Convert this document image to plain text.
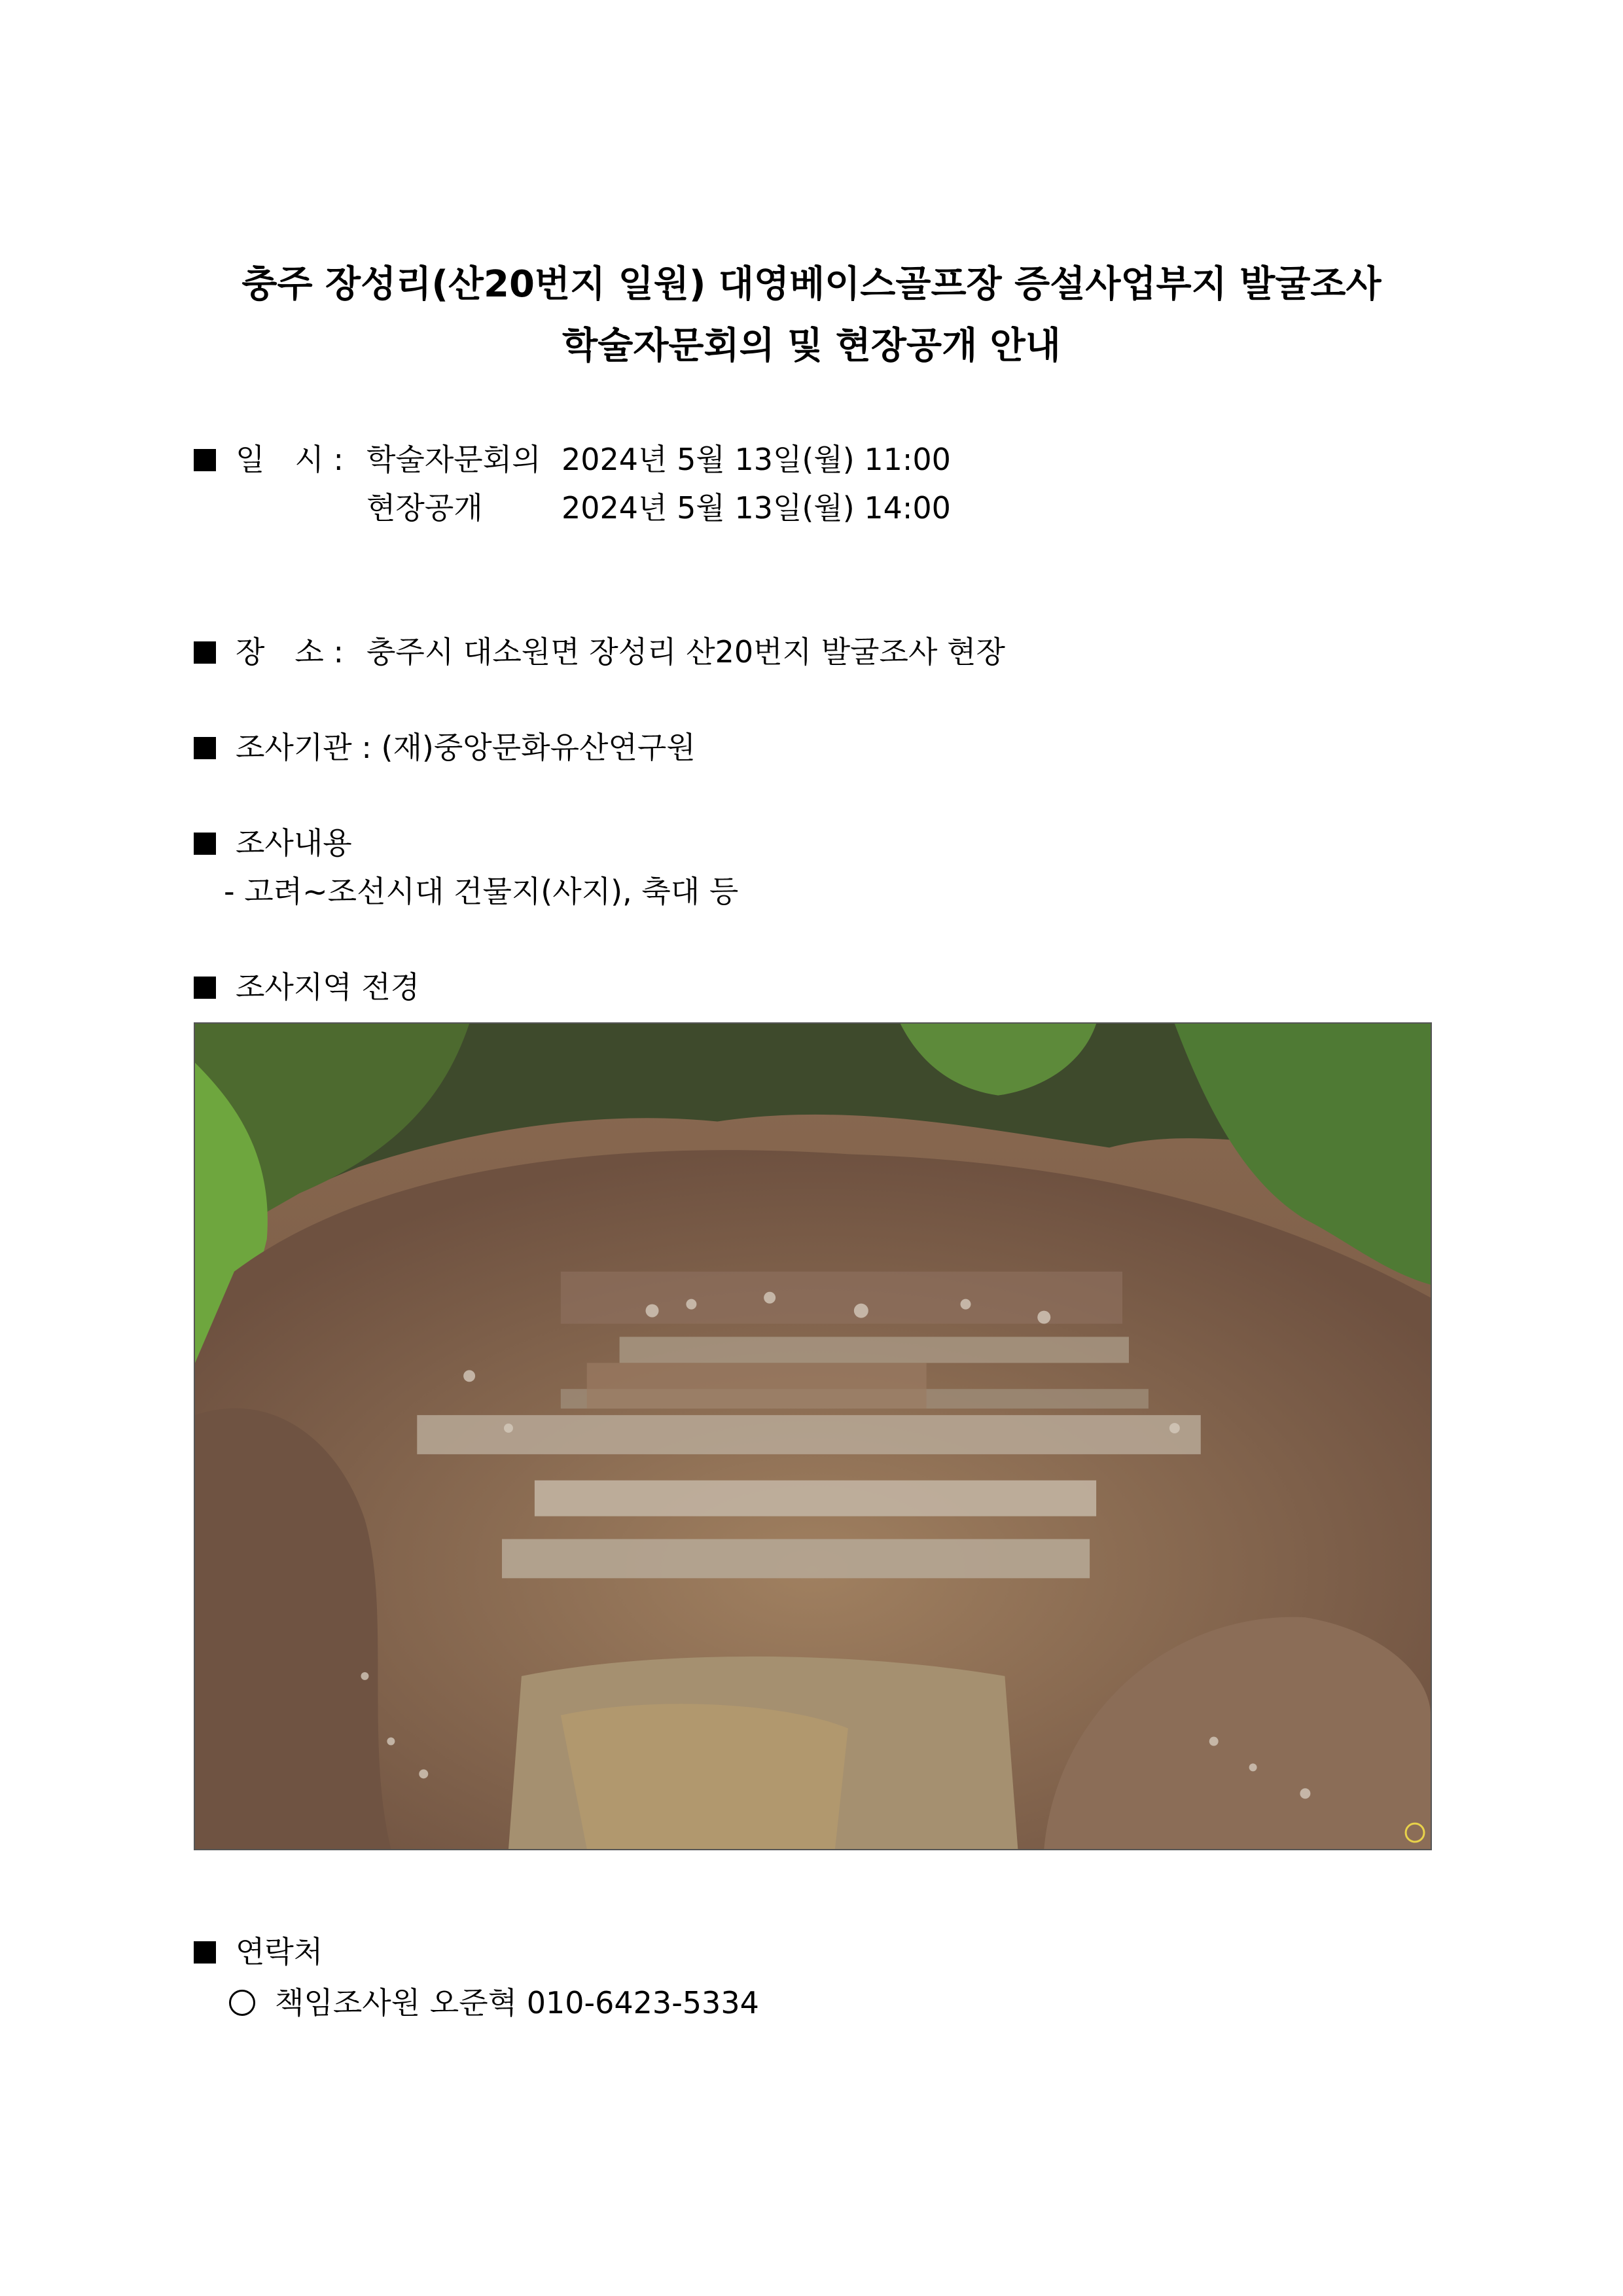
충주 장성리(산20번지 일원) 대영베이스골프장 증설사업부지 발굴조사
학술자문회의 및 현장공개 안내
일　시 : 학술자문회의 2024년 5월 13일(월) 11:00
현장공개	2024년 5월 13일(월) 14:00
장　소 : 충주시 대소원면 장성리 산20번지 발굴조사 현장
조사기관 : (재)중앙문화유산연구원
조사내용
- 고려~조선시대 건물지(사지), 축대 등
조사지역 전경
연락처
책임조사원 오준혁 010-6423-5334
